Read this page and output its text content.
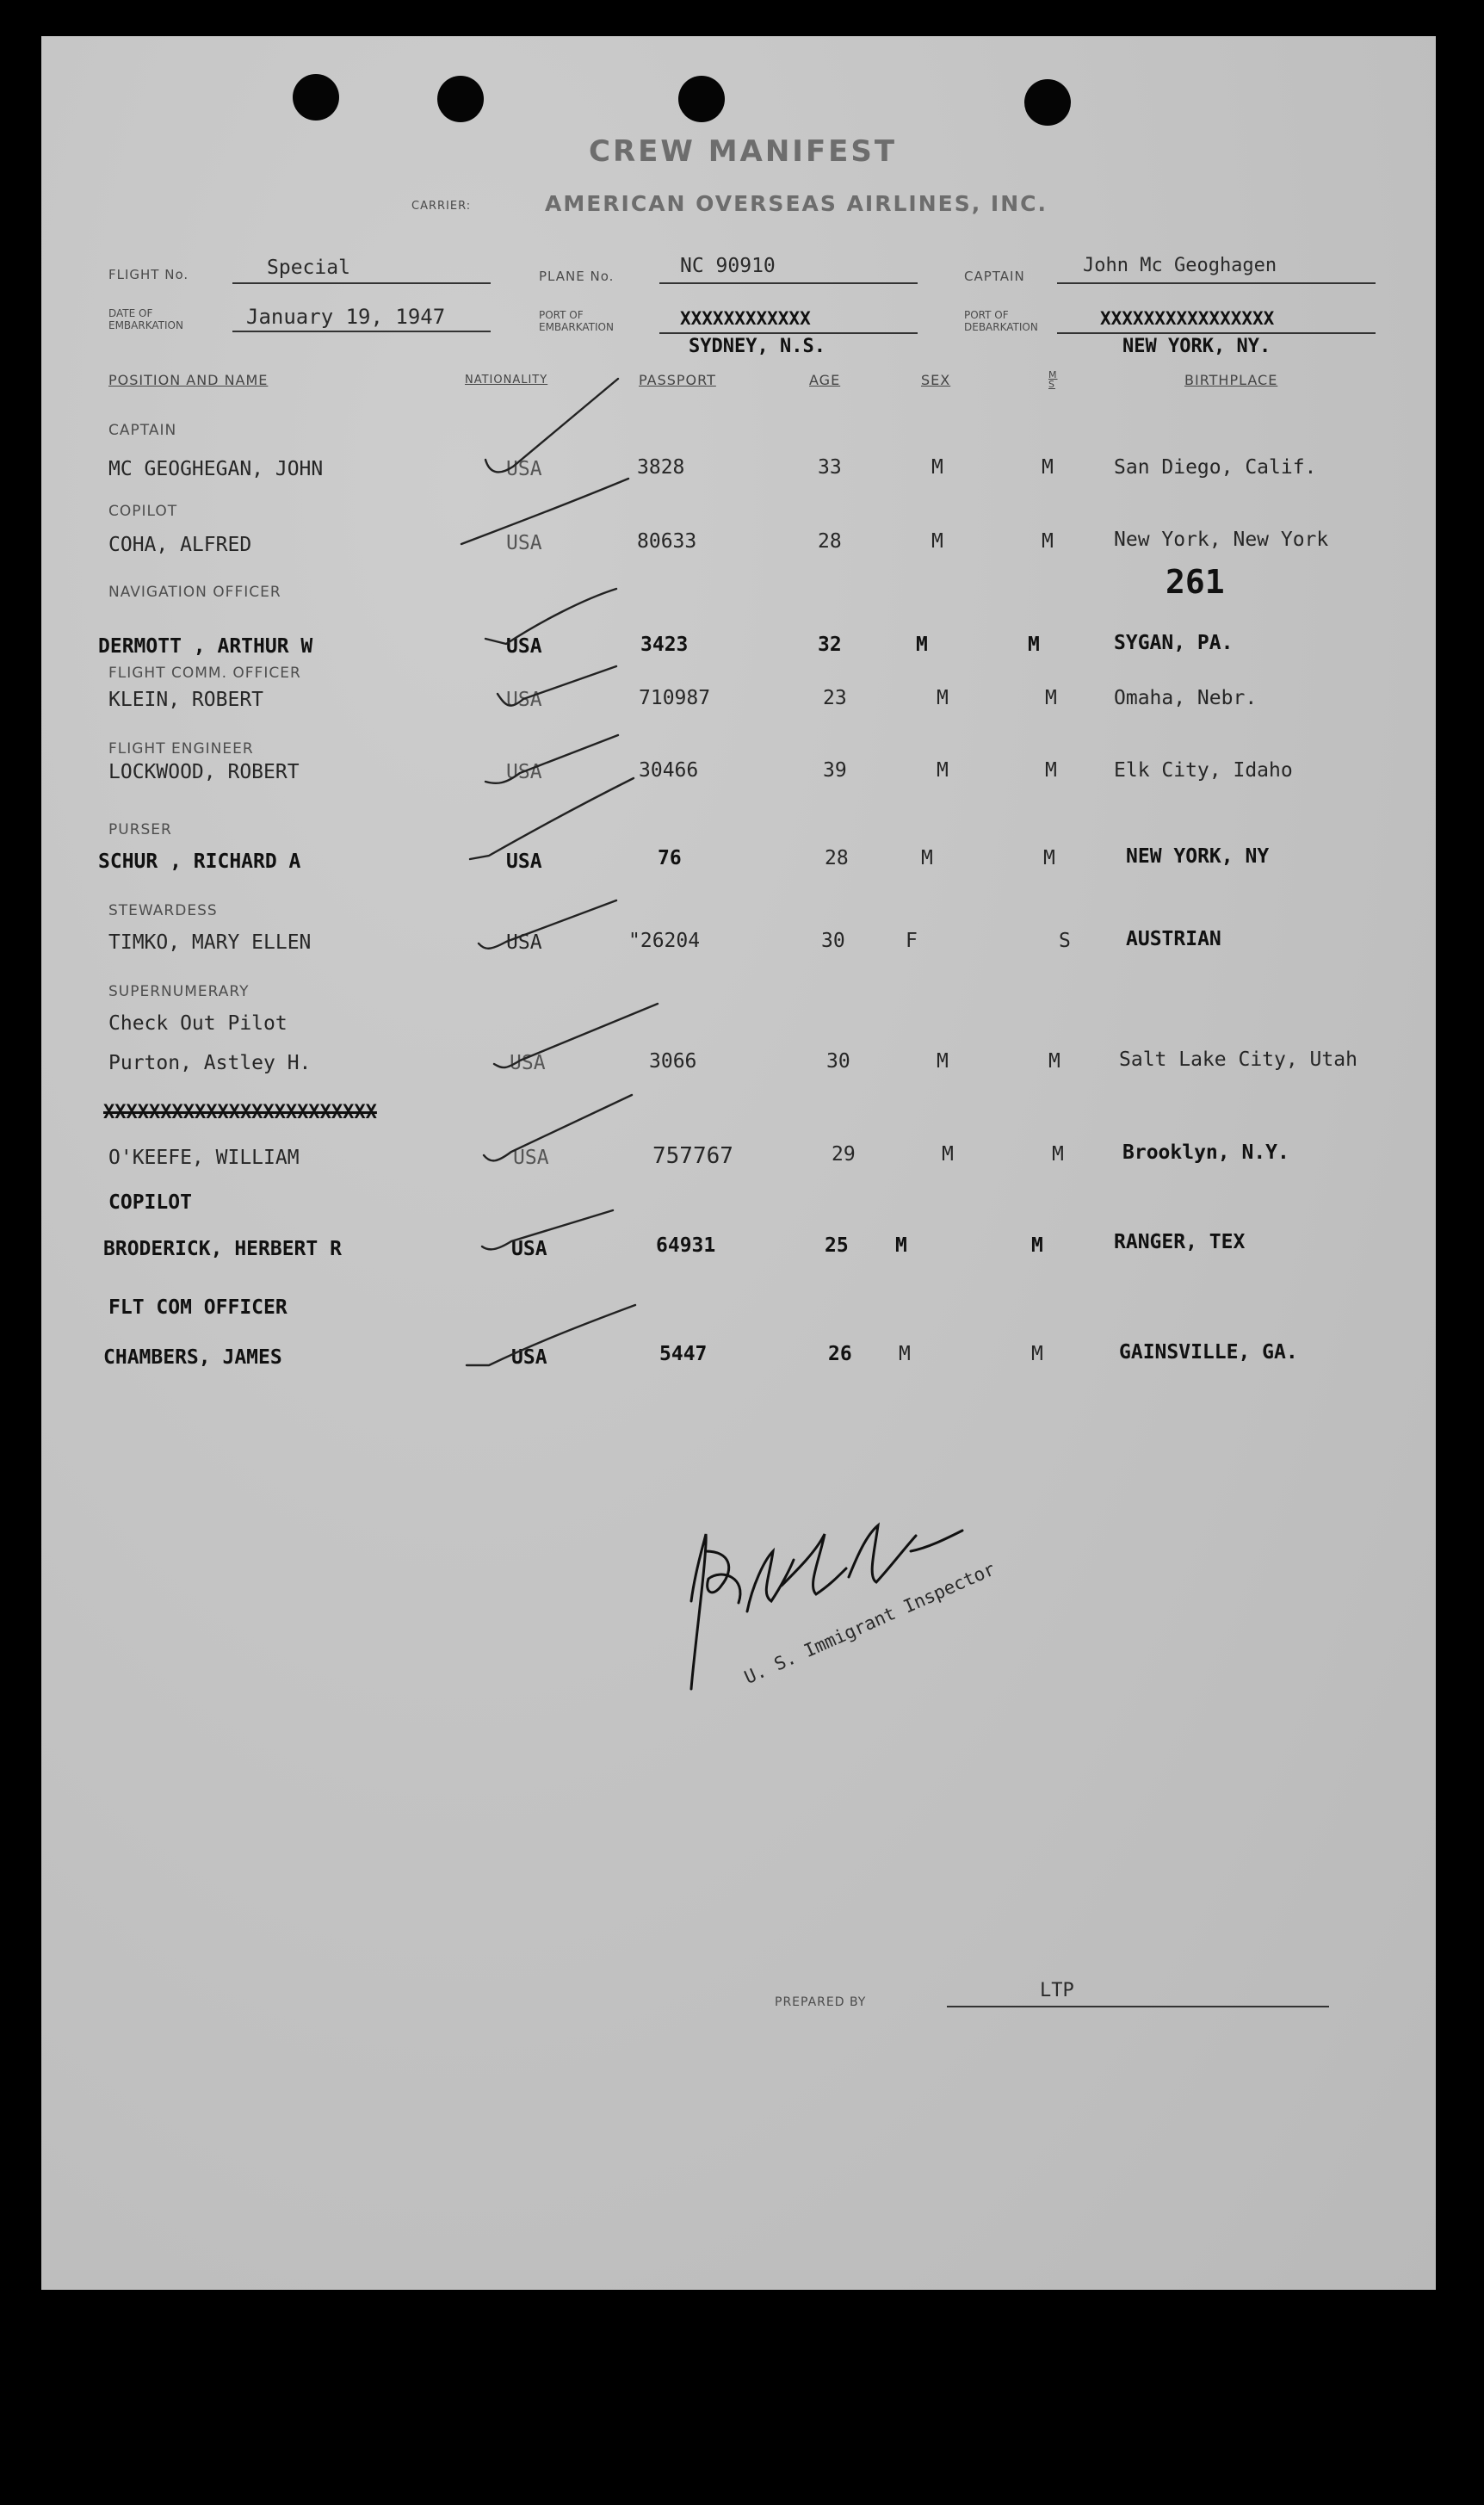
CREW MANIFEST
CARRIER:	AMERICAN OVERSEAS AIRLINES, INC.
FLIGHT No.	Special	PLANE No.	NC 90910	CAPTAIN	John Mc Geoghagen
DATE OF
EMBARKATION	January 19, 1947	PORT OF
EMBARKATION	XXXXXXXXXXXX
SYDNEY, N.S.
PORT OF
DEBARKATION	XXXXXXXXXXXXXXXX
NEW YORK, NY.
POSITION AND NAME	NATIONALITY	PASSPORT	AGE	SEX	M S	BIRTHPLACE
261
CAPTAIN
MC GEOGHEGAN, JOHN	USA	3828	33	M	M	San Diego, Calif.
COPILOT
COHA, ALFRED	USA	80633	28	M	M	New York, New York
NAVIGATION OFFICER
DERMOTT , ARTHUR W	USA	3423	32	M	M	SYGAN, PA.
FLIGHT COMM. OFFICER
KLEIN, ROBERT	USA	710987	23	M	M	Omaha, Nebr.
FLIGHT ENGINEER
LOCKWOOD, ROBERT	USA	30466	39	M	M	Elk City, Idaho
PURSER
SCHUR , RICHARD A	USA	76	28	M	M	NEW YORK, NY
STEWARDESS
TIMKO, MARY ELLEN	USA	"26204	30	F	S	AUSTRIAN
SUPERNUMERARY
Check Out Pilot
Purton, Astley H.	USA	3066	30	M	M	Salt Lake City, Utah
XXXXXXXXXXXXXXXXXXXXXXXX
O'KEEFE, WILLIAM	USA	757767	29	M	M	Brooklyn, N.Y.
COPILOT
BRODERICK, HERBERT R	USA	64931	25 M	M	RANGER, TEX
FLT COM OFFICER
CHAMBERS, JAMES	USA	5447	26 M	M	GAINSVILLE, GA.
U. S. Immigrant Inspector
PREPARED BY
LTP
